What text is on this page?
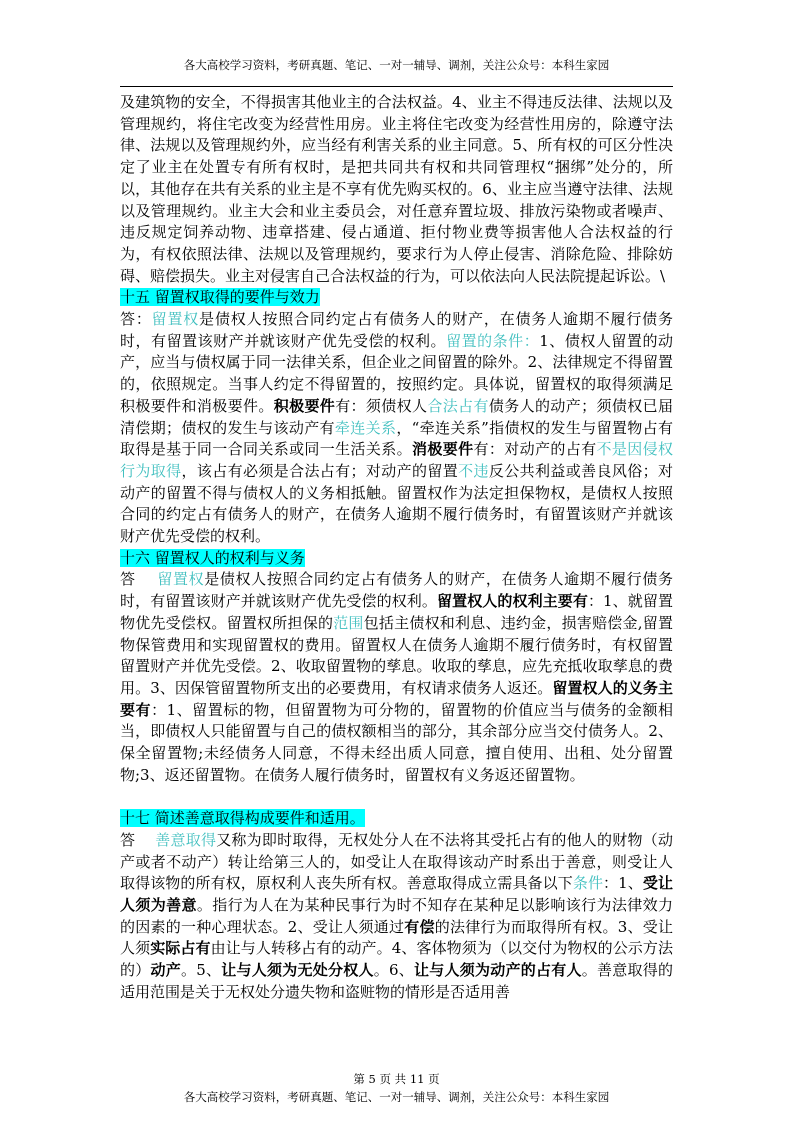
各大高校学习资料，考研真题、笔记、一对一辅导、调剂，关注公众号：本科生家园

及建筑物的安全，不得损害其他业主的合法权益。4、业主不得违反法律、法规以及管理规约，将住宅改变为经营性用房。业主将住宅改变为经营性用房的，除遵守法律、法规以及管理规约外，应当经有利害关系的业主同意。5、所有权的可区分性决定了业主在处置专有所有权时，是把共同共有权和共同管理权“捆绑”处分的，所以，其他存在共有关系的业主是不享有优先购买权的。6、业主应当遵守法律、法规以及管理规约。业主大会和业主委员会，对任意弃置垃圾、排放污染物或者噪声、违反规定饲养动物、违章搭建、侵占通道、拒付物业费等损害他人合法权益的行为，有权依照法律、法规以及管理规约，要求行为人停止侵害、消除危险、排除妨碍、赔偿损失。业主对侵害自己合法权益的行为，可以依法向人民法院提起诉讼。\

十五 留置权取得的要件与效力

答：留置权是债权人按照合同约定占有债务人的财产，在债务人逾期不履行债务时，有留置该财产并就该财产优先受偿的权利。留置的条件：1、债权人留置的动产，应当与债权属于同一法律关系，但企业之间留置的除外。2、法律规定不得留置的，依照规定。当事人约定不得留置的，按照约定。具体说，留置权的取得须满足积极要件和消极要件。积极要件有：须债权人合法占有债务人的动产；须债权已届清偿期；债权的发生与该动产有牵连关系，“牵连关系”指债权的发生与留置物占有取得是基于同一合同关系或同一生活关系。消极要件有：对动产的占有不是因侵权行为取得，该占有必须是合法占有；对动产的留置不违反公共利益或善良风俗；对动产的留置不得与债权人的义务相抵触。留置权作为法定担保物权，是债权人按照合同的约定占有债务人的财产，在债务人逾期不履行债务时，有留置该财产并就该财产优先受偿的权利。

十六 留置权人的权利与义务

答    留置权是债权人按照合同约定占有债务人的财产，在债务人逾期不履行债务时，有留置该财产并就该财产优先受偿的权利。留置权人的权利主要有：1、就留置物优先受偿权。留置权所担保的范围包括主债权和利息、违约金，损害赔偿金,留置物保管费用和实现留置权的费用。留置权人在债务人逾期不履行债务时，有权留置留置财产并优先受偿。2、收取留置物的孳息。收取的孳息，应先充抵收取孳息的费用。3、因保管留置物所支出的必要费用，有权请求债务人返还。留置权人的义务主要有：1、留置标的物，但留置物为可分物的，留置物的价值应当与债务的金额相当，即债权人只能留置与自己的债权额相当的部分，其余部分应当交付债务人。2、保全留置物;未经债务人同意，不得未经出质人同意，擅自使用、出租、处分留置物;3、返还留置物。在债务人履行债务时，留置权有义务返还留置物。

十七 简述善意取得构成要件和适用。

答    善意取得又称为即时取得，无权处分人在不法将其受托占有的他人的财物（动产或者不动产）转让给第三人的，如受让人在取得该动产时系出于善意，则受让人取得该物的所有权，原权利人丧失所有权。善意取得成立需具备以下条件：1、受让人须为善意。指行为人在为某种民事行为时不知存在某种足以影响该行为法律效力的因素的一种心理状态。2、受让人须通过有偿的法律行为而取得所有权。3、受让人须实际占有由让与人转移占有的动产。4、客体物须为（以交付为物权的公示方法的）动产。5、让与人须为无处分权人。6、让与人须为动产的占有人。善意取得的适用范围是关于无权处分遗失物和盗赃物的情形是否适用善

第 5 页 共 11 页
各大高校学习资料，考研真题、笔记、一对一辅导、调剂，关注公众号：本科生家园
